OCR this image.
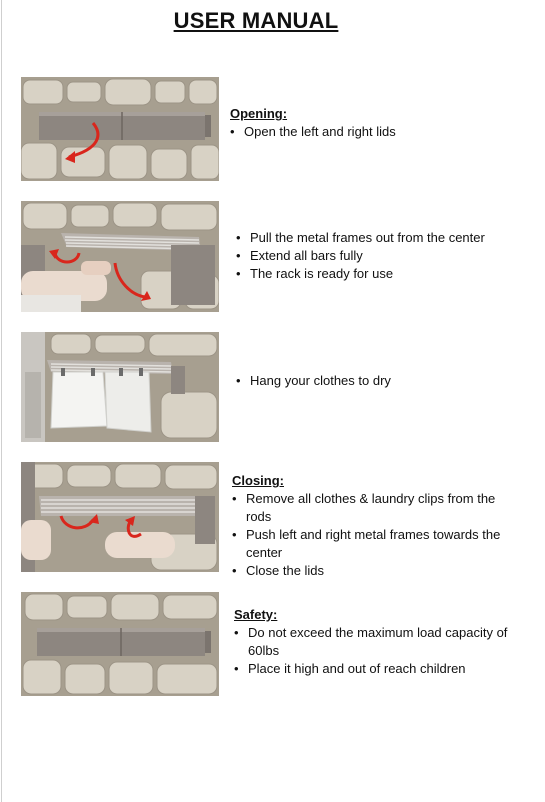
USER MANUAL
Opening:
• Open the left and right lids
• Pull the metal frames out from the center
• Extend all bars fully
• The rack is ready for use
• Hang your clothes to dry
Closing:
• Remove all clothes & laundry clips from the rods
• Push left and right metal frames towards the center
• Close the lids
Safety:
• Do not exceed the maximum load capacity of 60lbs
• Place it high and out of reach children
